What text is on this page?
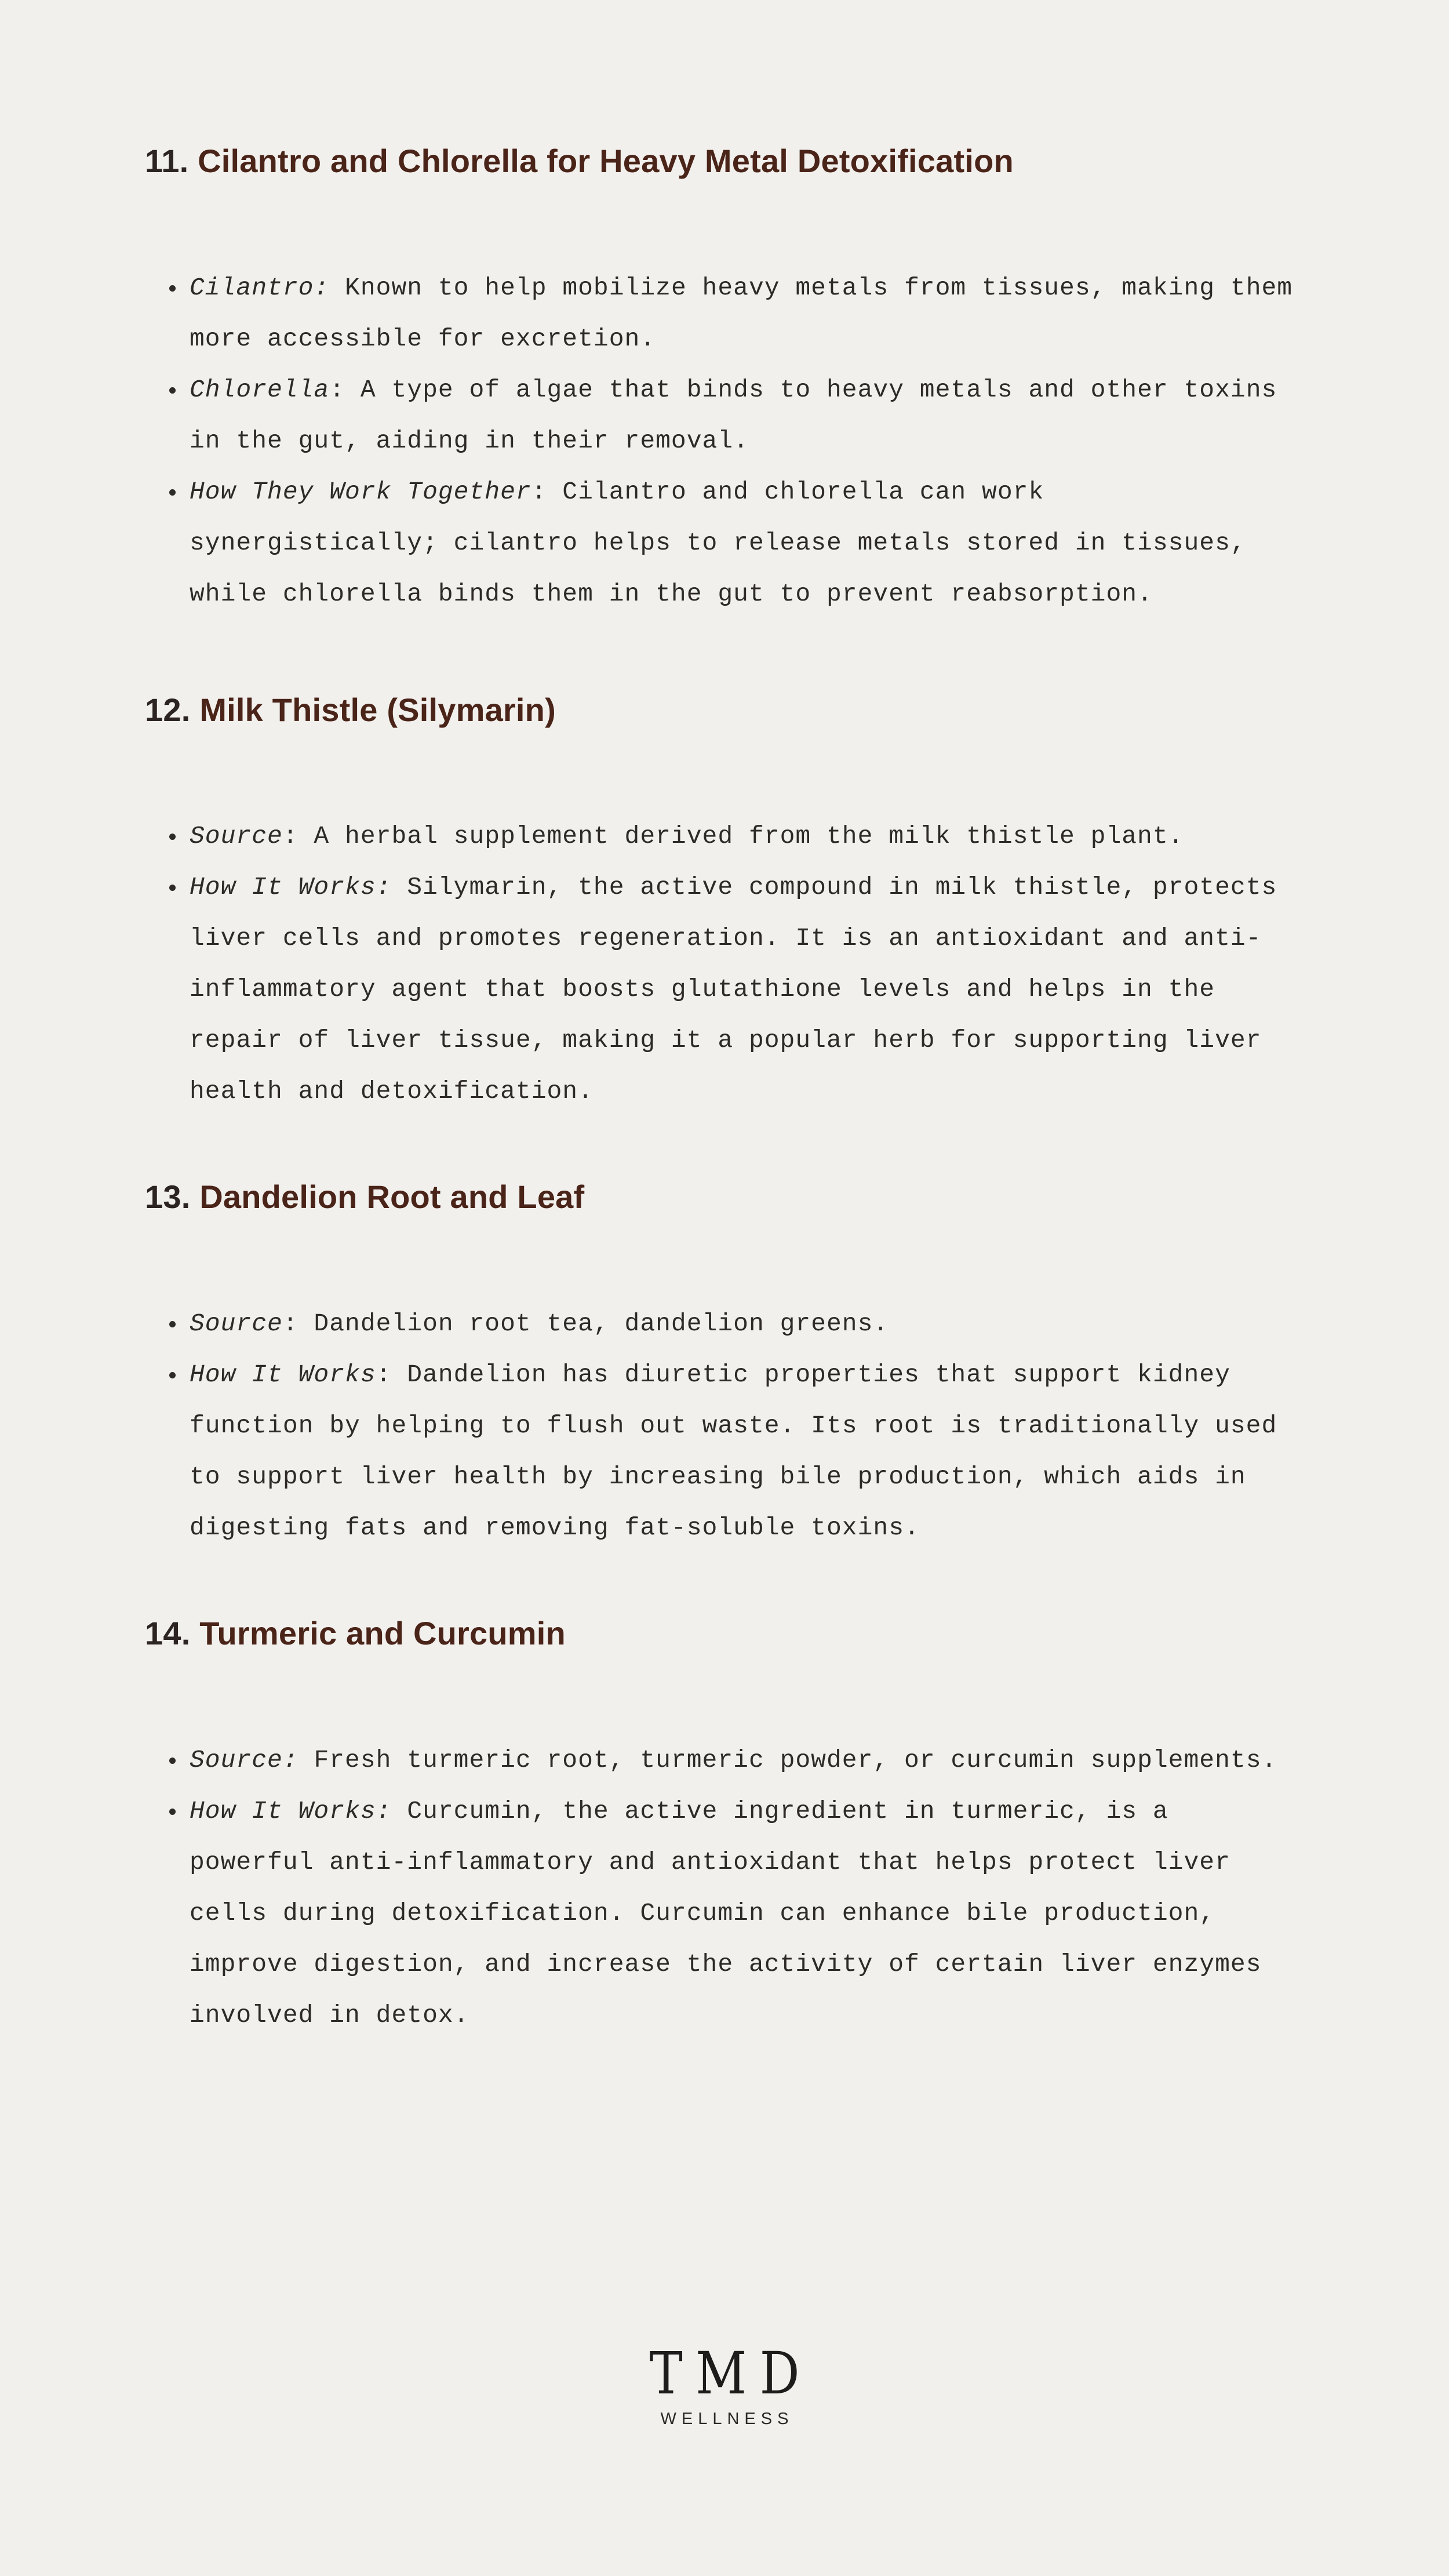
11. Cilantro and Chlorella for Heavy Metal Detoxification
Cilantro: Known to help mobilize heavy metals from tissues, making them more accessible for excretion.
Chlorella: A type of algae that binds to heavy metals and other toxins in the gut, aiding in their removal.
How They Work Together: Cilantro and chlorella can work synergistically; cilantro helps to release metals stored in tissues, while chlorella binds them in the gut to prevent reabsorption.
12. Milk Thistle (Silymarin)
Source: A herbal supplement derived from the milk thistle plant.
How It Works: Silymarin, the active compound in milk thistle, protects liver cells and promotes regeneration. It is an antioxidant and anti-inflammatory agent that boosts glutathione levels and helps in the repair of liver tissue, making it a popular herb for supporting liver health and detoxification.
13. Dandelion Root and Leaf
Source: Dandelion root tea, dandelion greens.
How It Works: Dandelion has diuretic properties that support kidney function by helping to flush out waste. Its root is traditionally used to support liver health by increasing bile production, which aids in digesting fats and removing fat-soluble toxins.
14. Turmeric and Curcumin
Source: Fresh turmeric root, turmeric powder, or curcumin supplements.
How It Works: Curcumin, the active ingredient in turmeric, is a powerful anti-inflammatory and antioxidant that helps protect liver cells during detoxification. Curcumin can enhance bile production, improve digestion, and increase the activity of certain liver enzymes involved in detox.
TMD
WELLNESS
